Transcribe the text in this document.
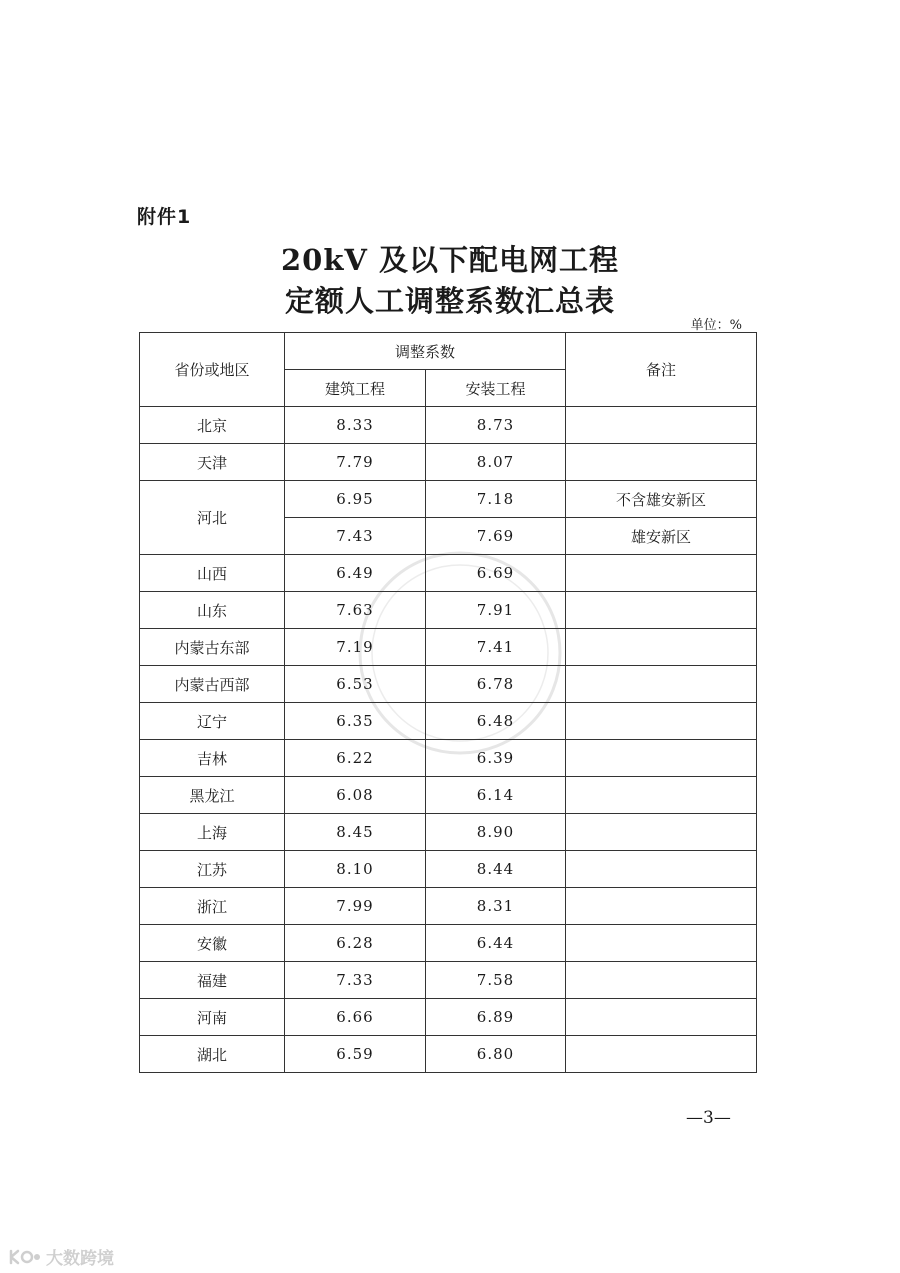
附件1
20kV 及以下配电网工程
定额人工调整系数汇总表
单位：%
省份或地区	调整系数		备注
	建筑工程	安装工程	
北京	8.33	8.73	
天津	7.79	8.07	
河北	6.95	7.18	不含雄安新区
	7.43	7.69	雄安新区
山西	6.49	6.69	
山东	7.63	7.91	
内蒙古东部	7.19	7.41	
内蒙古西部	6.53	6.78	
辽宁	6.35	6.48	
吉林	6.22	6.39	
黑龙江	6.08	6.14	
上海	8.45	8.90	
江苏	8.10	8.44	
浙江	7.99	8.31	
安徽	6.28	6.44	
福建	7.33	7.58	
河南	6.66	6.89	
湖北	6.59	6.80	
—3—
大数跨境
